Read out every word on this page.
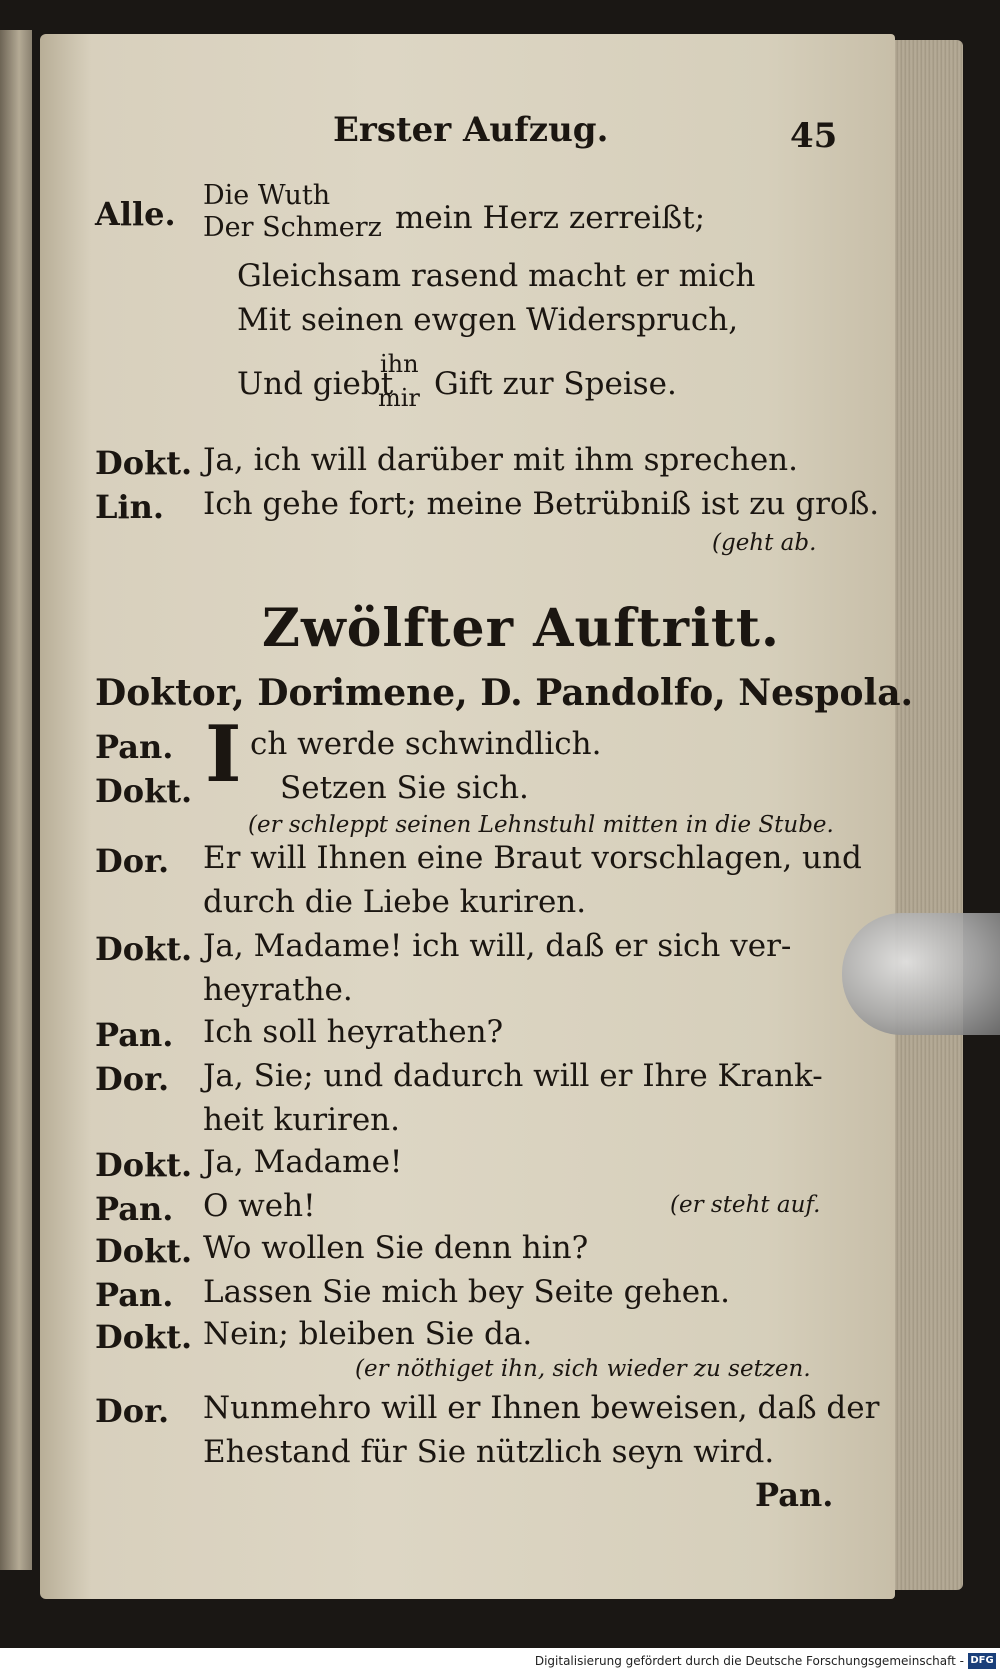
Erster Aufzug.	45
Alle. Die Wuth
Der Schmerz mein Herz zerreißt;
Gleichsam rasend macht er mich
Mit seinen ewgen Widerspruch,
Und giebt
ihn
mir Gift zur Speise.
Dokt. Ja, ich will darüber mit ihm sprechen.
Lin. Ich gehe fort; meine Betrübniß ist zu groß.
(geht ab.
Zwölfter Auftritt.
Doktor, Dorimene, D. Pandolfo, Nespola.
Pan. I ch werde schwindlich.
Dokt.	Setzen Sie sich.
(er schleppt seinen Lehnstuhl mitten in die Stube.
Dor. Er will Ihnen eine Braut vorschlagen, und
durch die Liebe kuriren.
Dokt. Ja, Madame! ich will, daß er sich ver-
heyrathe.
Pan. Ich soll heyrathen?
Dor. Ja, Sie; und dadurch will er Ihre Krank-
heit kuriren.
Dokt. Ja, Madame!
Pan. O weh!	(er steht auf.
Dokt. Wo wollen Sie denn hin?
Pan. Lassen Sie mich bey Seite gehen.
Dokt. Nein; bleiben Sie da.
(er nöthiget ihn, sich wieder zu setzen.
Dor. Nunmehro will er Ihnen beweisen, daß der
Ehestand für Sie nützlich seyn wird.
Pan.
Digitalisierung gefördert durch die Deutsche Forschungsgemeinschaft - DFG
